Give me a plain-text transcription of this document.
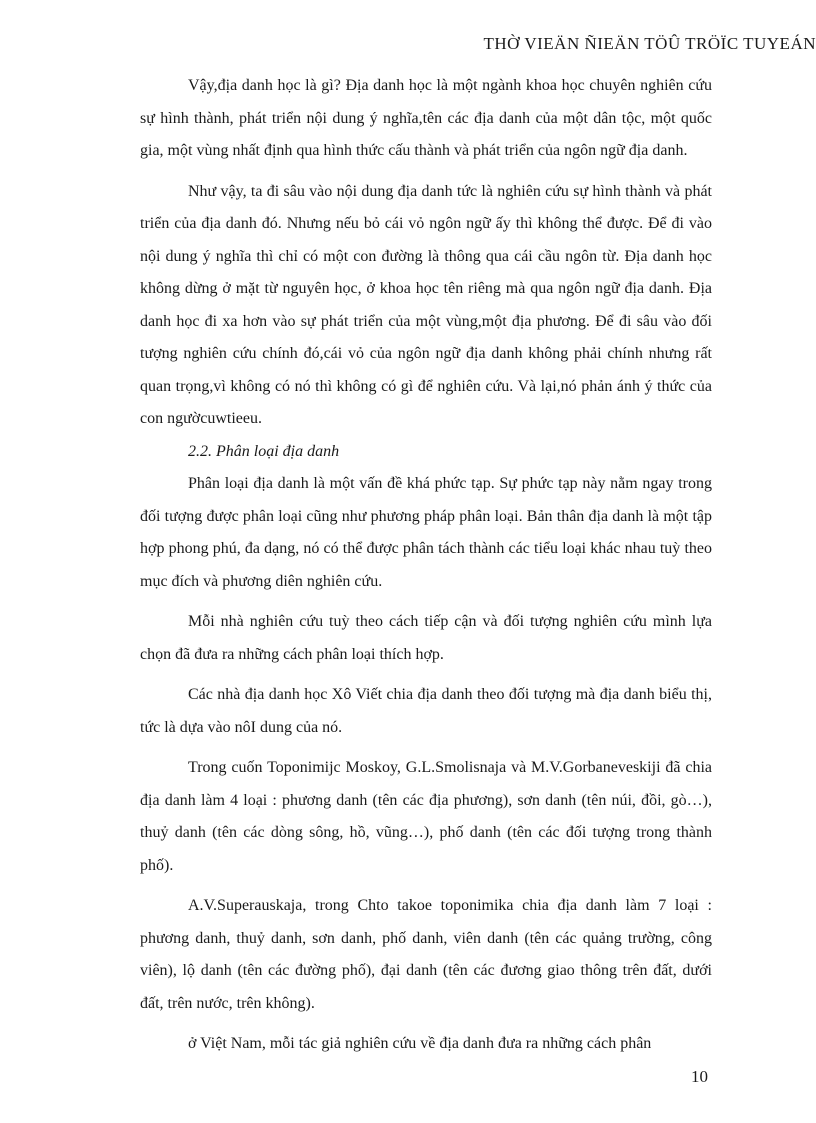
THỜ VIEÄN ÑIEÄN TÖÛ TRÖÏC TUYEÁN

Vậy,địa danh học là gì? Địa danh học là một ngành khoa học chuyên nghiên cứu sự hình thành, phát triển nội dung ý nghĩa,tên các địa danh của một dân tộc, một quốc gia, một vùng nhất định qua hình thức cấu thành và phát triển của ngôn ngữ địa danh.

Như vậy, ta đi sâu vào nội dung địa danh tức là nghiên cứu sự hình thành và phát triển của địa danh đó. Nhưng nếu bỏ cái vỏ ngôn ngữ ấy thì không thể được. Để đi vào nội dung ý nghĩa thì chỉ có một con đường là thông qua cái cầu ngôn từ. Địa danh học không dừng ở mặt từ nguyên học, ở khoa học tên riêng mà qua ngôn ngữ địa danh. Địa danh học đi xa hơn vào sự phát triển của một vùng,một địa phương. Để đi sâu vào đối tượng nghiên cứu chính đó,cái vỏ của ngôn ngữ địa danh không phải chính nhưng rất quan trọng,vì không có nó thì không có gì để nghiên cứu. Và lại,nó phản ánh ý thức của con ngườcuwtieeu.

2.2. Phân loại địa danh

Phân loại địa danh là một vấn đề khá phức tạp. Sự phức tạp này nằm ngay trong đối tượng được phân loại cũng như phương pháp phân loại. Bản thân địa danh là một tập hợp phong phú, đa dạng, nó có thể được phân tách thành các tiểu loại khác nhau tuỳ theo mục đích và phương diên nghiên cứu.

Mỗi nhà nghiên cứu tuỳ theo cách tiếp cận và đối tượng nghiên cứu mình lựa chọn đã đưa ra những cách phân loại thích hợp.

Các nhà địa danh học Xô Viết chia địa danh theo đối tượng mà địa danh biểu thị, tức là dựa vào nôI dung của nó.

Trong cuốn Toponimijc Moskoy, G.L.Smolisnaja và M.V.Gorbaneveskiji đã chia địa danh làm 4 loại : phương danh (tên các địa phương), sơn danh (tên núi, đồi, gò…), thuỷ danh (tên các dòng sông, hồ, vũng…), phố danh (tên các đối tượng trong thành phố).

A.V.Superauskaja, trong Chto takoe toponimika chia địa danh làm 7 loại : phương danh, thuỷ danh, sơn danh, phố danh, viên danh (tên các quảng trường, công viên), lộ danh (tên các đường phố), đại danh (tên các đương giao thông trên đất, dưới đất, trên nước, trên không).

ở Việt Nam, mỗi tác giả nghiên cứu về địa danh đưa ra những cách phân

10
